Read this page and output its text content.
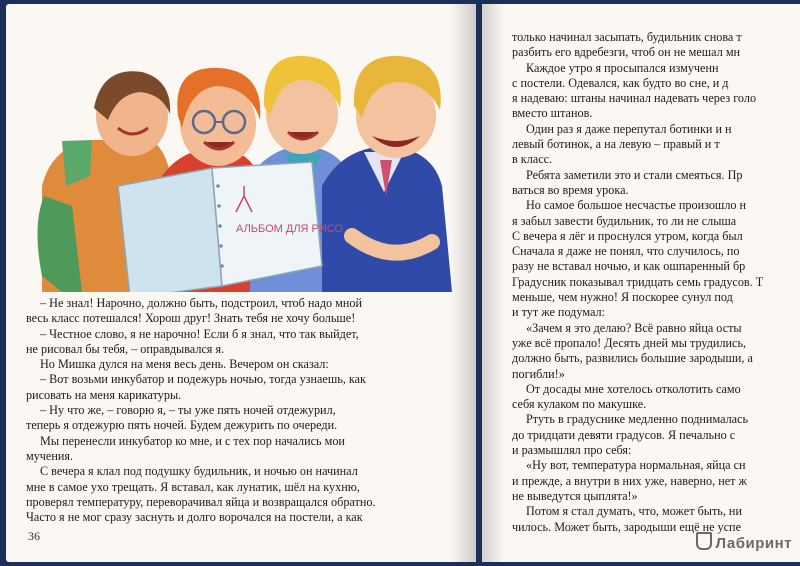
АЛЬБОМ ДЛЯ РИСО
– Не знал! Нарочно, должно быть, подстроил, чтоб надо мной
весь класс потешался! Хорош друг! Знать тебя не хочу больше!
– Честное слово, я не нарочно! Если б я знал, что так выйдет,
не рисовал бы тебя, – оправдывался я.
Но Мишка дулся на меня весь день. Вечером он сказал:
– Вот возьми инкубатор и подежурь ночью, тогда узнаешь, как
рисовать на меня карикатуры.
– Ну что же, – говорю я, – ты уже пять ночей отдежурил,
теперь я отдежурю пять ночей. Будем дежурить по очереди.
Мы перенесли инкубатор ко мне, и с тех пор начались мои
мучения.
С вечера я клал под подушку будильник, и ночью он начинал
мне в самое ухо трещать. Я вставал, как лунатик, шёл на кухню,
проверял температуру, переворачивал яйца и возвращался обратно.
Часто я не мог сразу заснуть и долго ворочался на постели, а как
36
только начинал засыпать, будильник снова т
разбить его вдребезги, чтоб он не мешал мн
Каждое утро я просыпался измученн
с постели. Одевался, как будто во сне, и д
я надеваю: штаны начинал надевать через голо
вместо штанов.
Один раз я даже перепутал ботинки и н
левый ботинок, а на левую – правый и т
в класс.
Ребята заметили это и стали смеяться. Пр
ваться во время урока.
Но самое большое несчастье произошло н
я забыл завести будильник, то ли не слыша
С вечера я лёг и проснулся утром, когда был
Сначала я даже не понял, что случилось, по
разу не вставал ночью, и как ошпаренный бр
Градусник показывал тридцать семь градусов. Т
меньше, чем нужно! Я поскорее сунул под
и тут же подумал:
«Зачем я это делаю? Всё равно яйца осты
уже всё пропало! Десять дней мы трудились,
должно быть, развились большие зародыши, а
погибли!»
От досады мне хотелось отколотить само
себя кулаком по макушке.
Ртуть в градуснике медленно поднималась
до тридцати девяти градусов. Я печально с
и размышлял про себя:
«Ну вот, температура нормальная, яйца сн
и прежде, а внутри в них уже, наверно, нет ж
не выведутся цыплята!»
Потом я стал думать, что, может быть, ни
чилось. Может быть, зародыши ещё не успе
Лабиринт
